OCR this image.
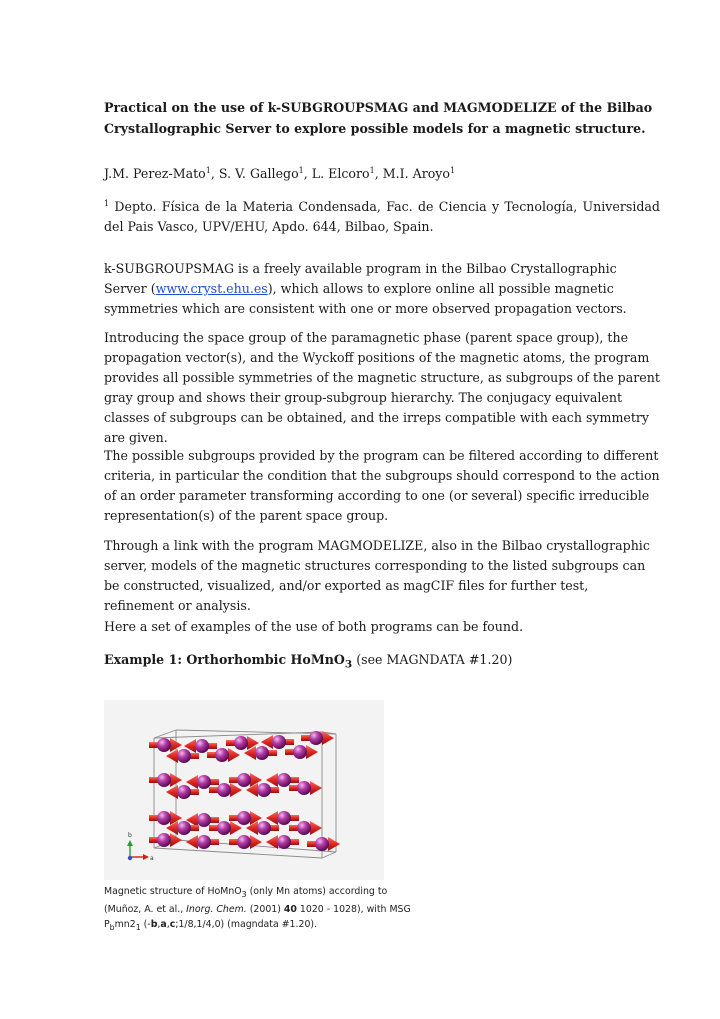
Practical on the use of k-SUBGROUPSMAG and MAGMODELIZE of the Bilbao Crystallographic Server to explore possible models for a magnetic structure.
J.M. Perez-Mato$^1$, S. V. Gallego$^1$, L. Elcoro$^1$, M.I. Aroyo$^1$
$^1$ Depto. Física de la Materia Condensada, Fac. de Ciencia y Tecnología, Universidad del Pais Vasco, UPV/EHU, Apdo. 644, Bilbao, Spain.
k-SUBGROUPSMAG is a freely available program in the Bilbao Crystallographic Server (www.cryst.ehu.es), which allows to explore online all possible magnetic symmetries which are consistent with one or more observed propagation vectors.
Introducing the space group of the paramagnetic phase (parent space group), the propagation vector(s), and the Wyckoff positions of the magnetic atoms, the program provides all possible symmetries of the magnetic structure, as subgroups of the parent gray group and shows their group-subgroup hierarchy. The conjugacy equivalent classes of subgroups can be obtained, and the irreps compatible with each symmetry are given.
The possible subgroups provided by the program can be filtered according to different criteria, in particular the condition that the subgroups should correspond to the action of an order parameter transforming according to one (or several) specific irreducible representation(s) of the parent space group.
Through a link with the program MAGMODELIZE, also in the Bilbao crystallographic server, models of the magnetic structures corresponding to the listed subgroups can be constructed, visualized, and/or exported as magCIF files for further test, refinement or analysis.
Here a set of examples of the use of both programs can be found.
Example 1: Orthorhombic HoMnO$_3$ (see MAGNDATA #1.20)
b
a
Magnetic structure of HoMnO$_3$ (only Mn atoms) according to (Muñoz, A. et al., Inorg. Chem. (2001) 40 1020 - 1028), with MSG $P_bmn2_1$ (-b,a,c;1/8,1/4,0) (magndata #1.20).
